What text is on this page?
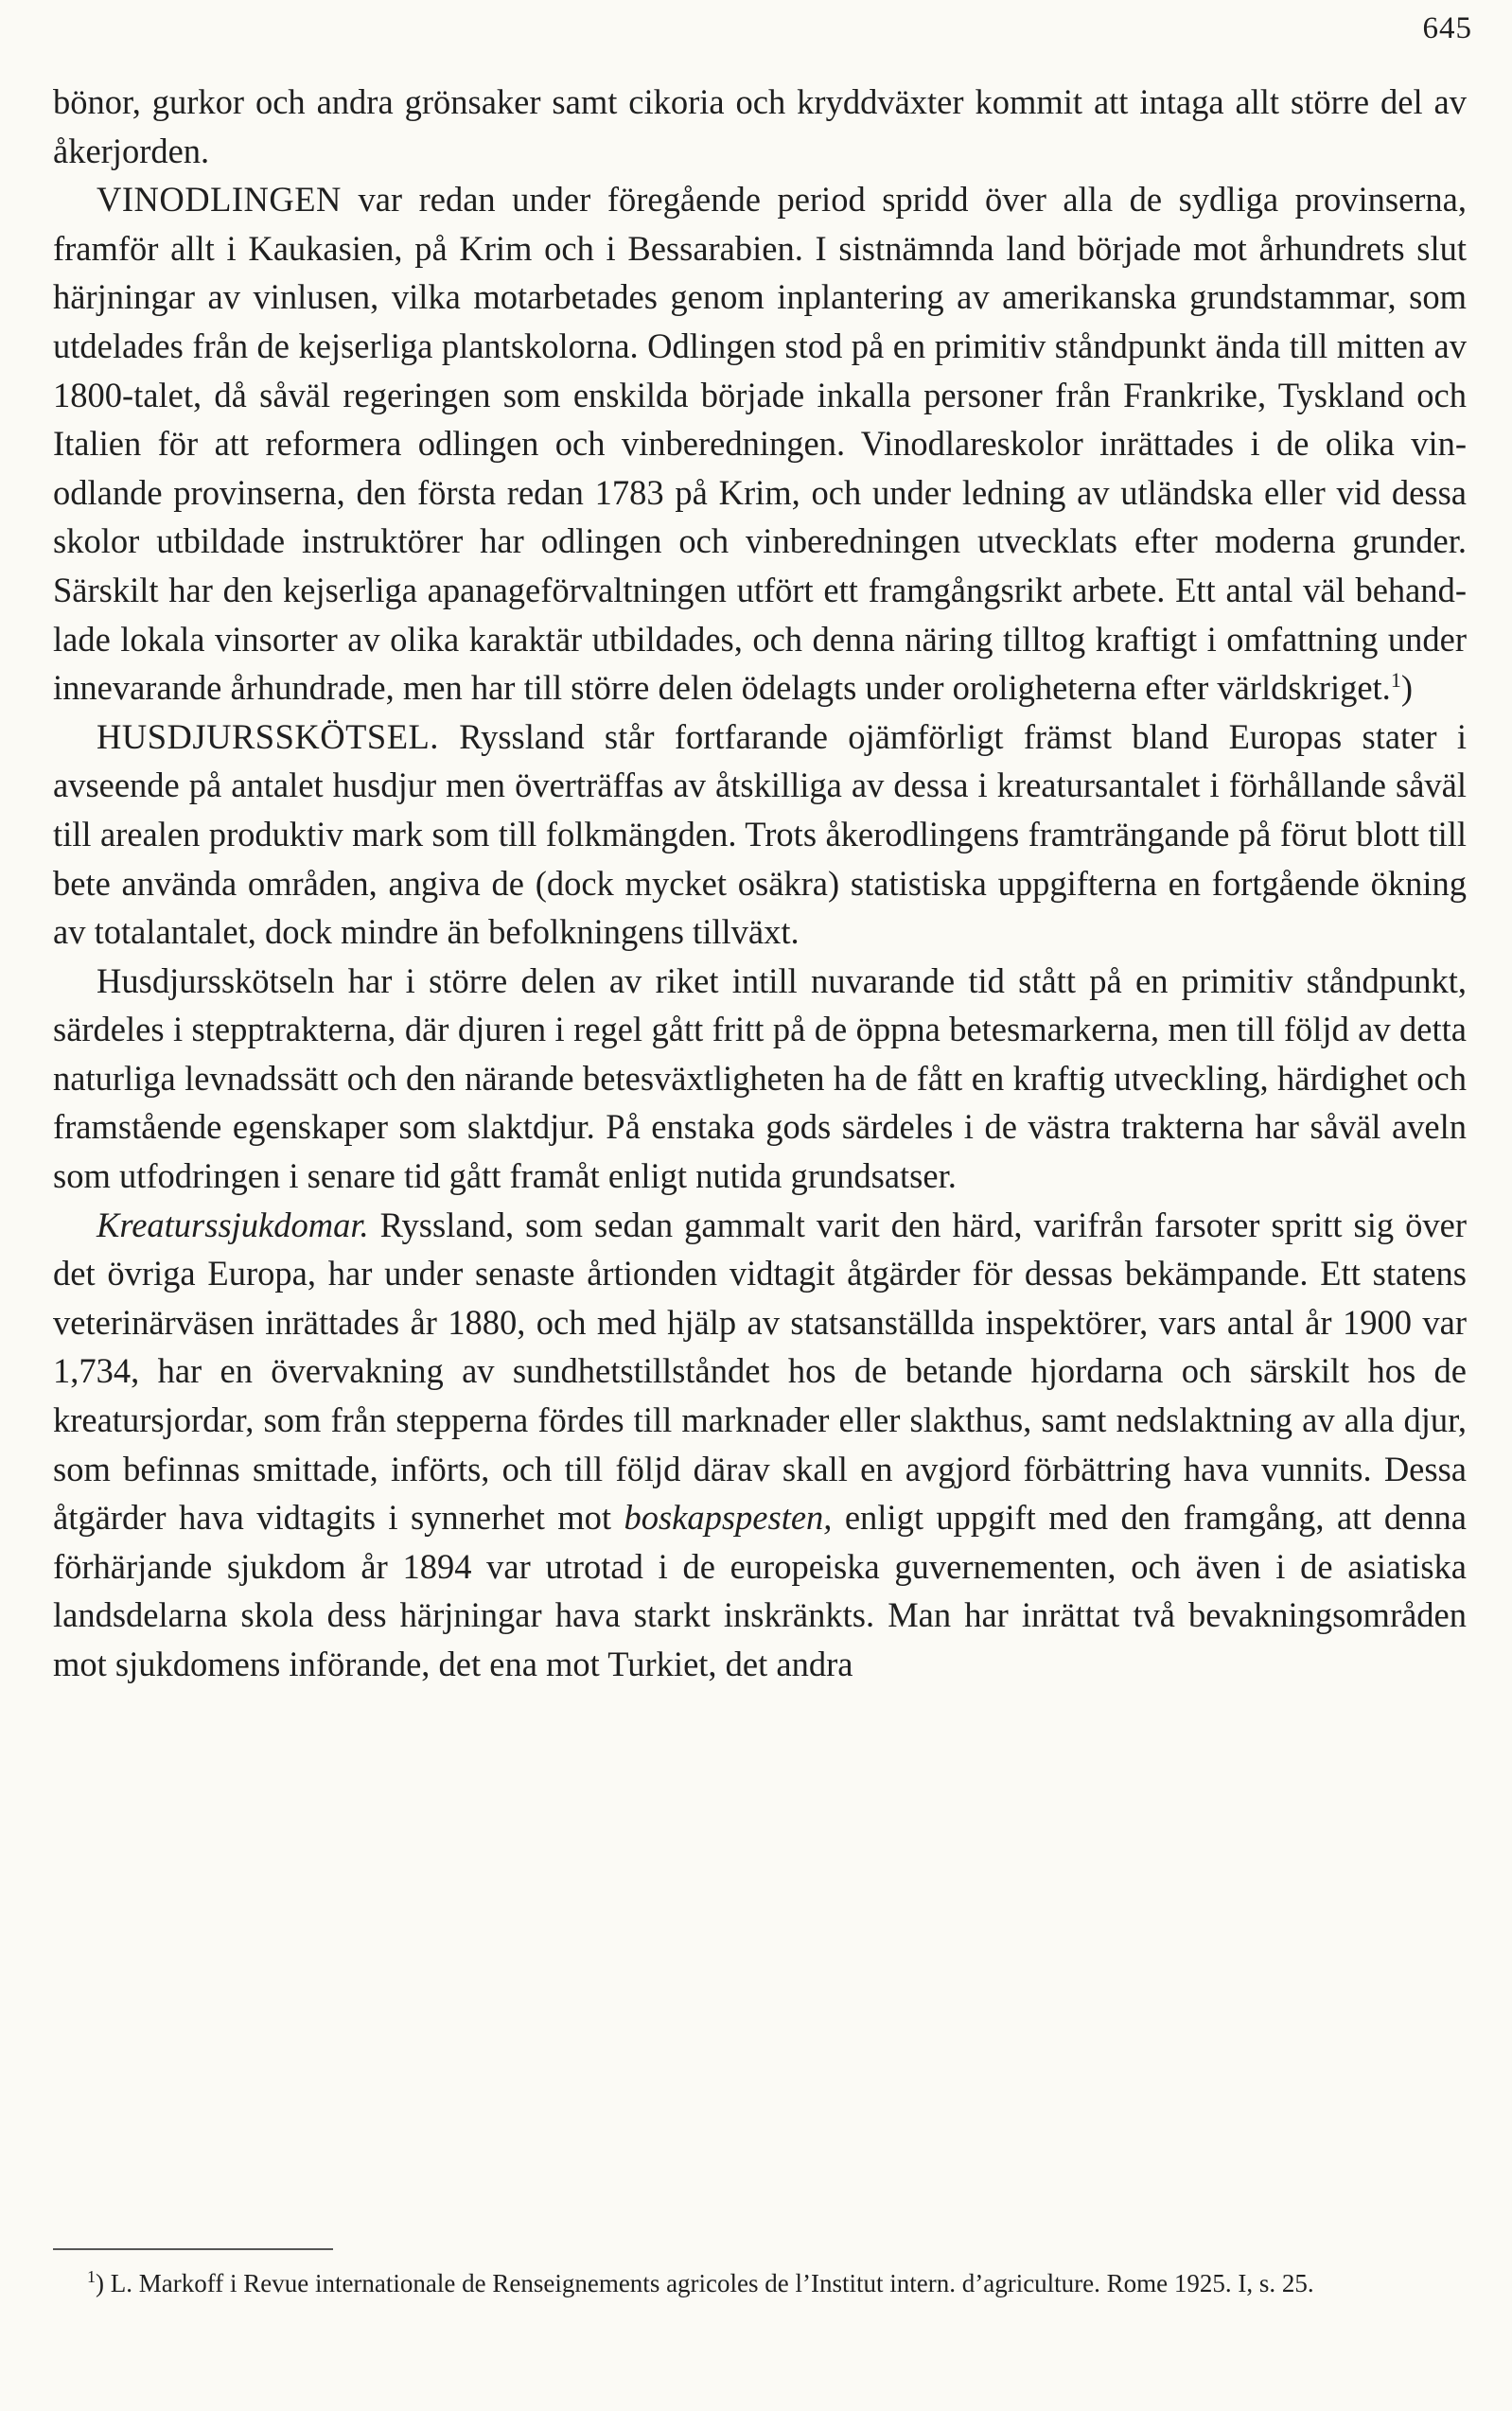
645

bönor, gurkor och andra grönsaker samt cikoria och kryddväxter kommit att intaga allt större del av åkerjorden.

VINODLINGEN var redan under föregående period spridd över alla de sydliga provinserna, framför allt i Kaukasien, på Krim och i Bessarabien. I sistnämnda land började mot århundrets slut härjningar av vinlusen, vilka motarbetades genom inplantering av amerikanska grundstammar, som utdelades från de kejserliga plantskolorna. Odlingen stod på en primitiv ståndpunkt ända till mitten av 1800-talet, då såväl regeringen som enskilda började inkalla personer från Frankrike, Tyskland och Italien för att reformera odlingen och vinberedningen. Vinodlareskolor inrättades i de olika vinodlande provinserna, den första redan 1783 på Krim, och under ledning av utländska eller vid dessa skolor utbildade instruktörer har odlingen och vinberedningen utvecklats efter moderna grunder. Särskilt har den kejserliga apanageförvaltningen utfört ett framgångsrikt arbete. Ett antal väl behandlade lokala vinsorter av olika karaktär utbildades, och denna näring tilltog kraftigt i omfattning under innevarande århundrade, men har till större delen ödelagts under oroligheterna efter världskriget.$^1$)

HUSDJURSSKÖTSEL. Ryssland står fortfarande ojämförligt främst bland Europas stater i avseende på antalet husdjur men överträffas av åtskilliga av dessa i kreatursantalet i förhållande såväl till arealen produktiv mark som till folkmängden. Trots åkerodlingens framträngande på förut blott till bete använda områden, angiva de (dock mycket osäkra) statistiska uppgifterna en fortgående ökning av totalantalet, dock mindre än befolkningens tillväxt.

Husdjursskötseln har i större delen av riket intill nuvarande tid stått på en primitiv ståndpunkt, särdeles i stepptrakterna, där djuren i regel gått fritt på de öppna betesmarkerna, men till följd av detta naturliga levnadssätt och den närande betesväxtligheten ha de fått en kraftig utveckling, härdighet och framstående egenskaper som slaktdjur. På enstaka gods särdeles i de västra trakterna har såväl aveln som utfodringen i senare tid gått framåt enligt nutida grundsatser.

Kreaturssjukdomar. Ryssland, som sedan gammalt varit den härd, varifrån farsoter spritt sig över det övriga Europa, har under senaste årtionden vidtagit åtgärder för dessas bekämpande. Ett statens veterinärväsen inrättades år 1880, och med hjälp av statsanställda inspektörer, vars antal år 1900 var 1,734, har en övervakning av sundhetstillståndet hos de betande hjordarna och särskilt hos de kreatursjordar, som från stepperna fördes till marknader eller slakthus, samt nedslaktning av alla djur, som befinnas smittade, införts, och till följd därav skall en avgjord förbättring hava vunnits. Dessa åtgärder hava vidtagits i synnerhet mot boskapspesten, enligt uppgift med den framgång, att denna förhärjande sjukdom år 1894 var utrotad i de europeiska guvernementen, och även i de asiatiska landsdelarna skola dess härjningar hava starkt inskränkts. Man har inrättat två bevakningsområden mot sjukdomens införande, det ena mot Turkiet, det andra

$^1$) L. Markoff i Revue internationale de Renseignements agricoles de l’Institut intern. d’agriculture. Rome 1925. I, s. 25.
